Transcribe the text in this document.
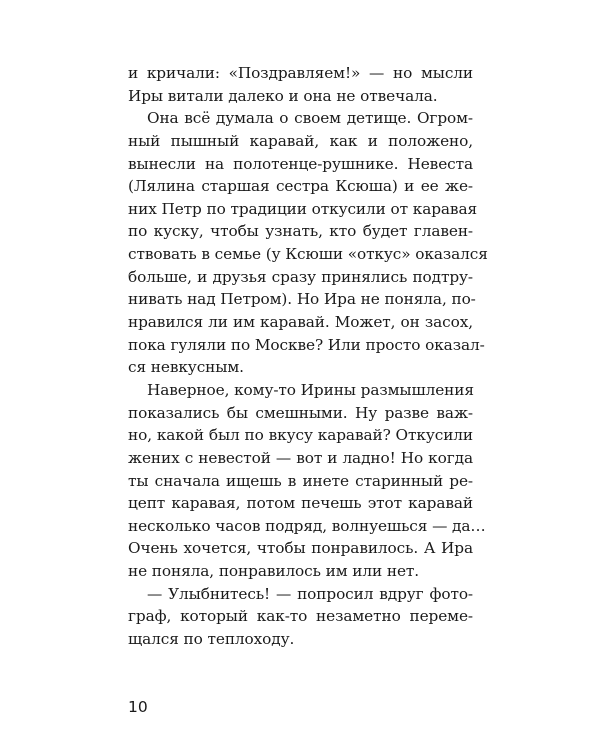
и кричали: «Поздравляем!» — но мысли
Иры витали далеко и она не отвечала.
Она всё думала о своем детище. Огром-
ный пышный каравай, как и положено,
вынесли на полотенце-рушнике. Невеста
(Лялина старшая сестра Ксюша) и ее же-
них Петр по традиции откусили от каравая
по куску, чтобы узнать, кто будет главен-
ствовать в семье (у Ксюши «откус» оказался
больше, и друзья сразу принялись подтру-
нивать над Петром). Но Ира не поняла, по-
нравился ли им каравай. Может, он засох,
пока гуляли по Москве? Или просто оказал-
ся невкусным.
Наверное, кому-то Ирины размышления
показались бы смешными. Ну разве важ-
но, какой был по вкусу каравай? Откусили
жених с невестой — вот и ладно! Но когда
ты сначала ищешь в инете старинный ре-
цепт каравая, потом печешь этот каравай
несколько часов подряд, волнуешься — да…
Очень хочется, чтобы понравилось. А Ира
не поняла, понравилось им или нет.
— Улыбнитесь! — попросил вдруг фото-
граф, который как-то незаметно переме-
щался по теплоходу.
10
